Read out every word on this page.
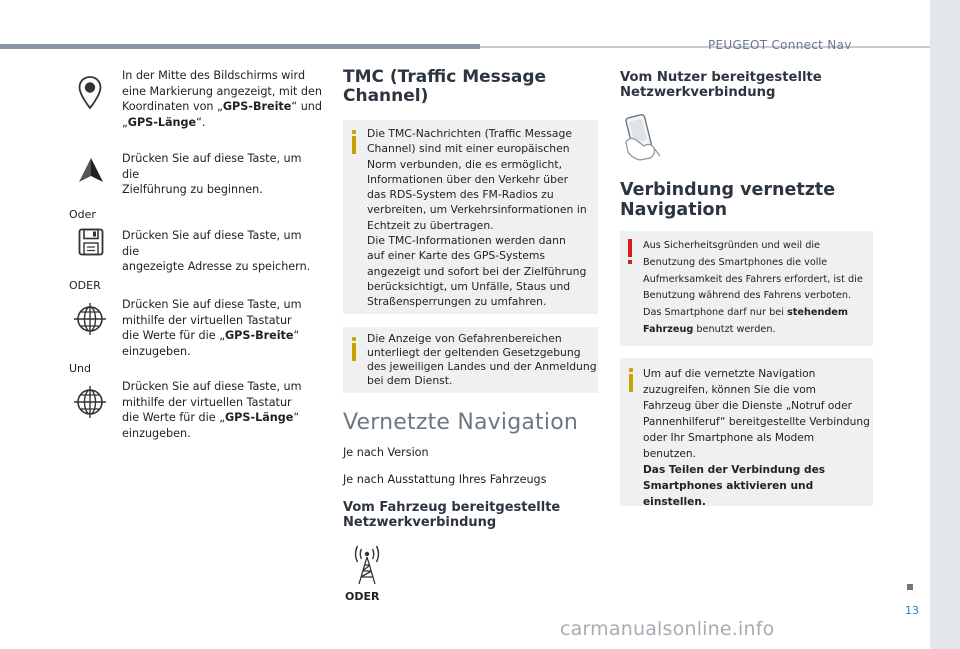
PEUGEOT Connect Nav
13
carmanualsonline.info
In der Mitte des Bildschirms wird
eine Markierung angezeigt, mit den
Koordinaten von „GPS-Breite“ und
„GPS-Länge“.
Drücken Sie auf diese Taste, um die
Zielführung zu beginnen.
Oder
Drücken Sie auf diese Taste, um die
angezeigte Adresse zu speichern.
ODER
Drücken Sie auf diese Taste, um
mithilfe der virtuellen Tastatur
die Werte für die „GPS-Breite“
einzugeben.
Und
Drücken Sie auf diese Taste, um
mithilfe der virtuellen Tastatur
die Werte für die „GPS-Länge“
einzugeben.
TMC (Traffic Message
Channel)
Die TMC-Nachrichten (Traffic Message
Channel) sind mit einer europäischen
Norm verbunden, die es ermöglicht,
Informationen über den Verkehr über
das RDS-System des FM-Radios zu
verbreiten, um Verkehrsinformationen in
Echtzeit zu übertragen.
Die TMC-Informationen werden dann
auf einer Karte des GPS-Systems
angezeigt und sofort bei der Zielführung
berücksichtigt, um Unfälle, Staus und
Straßensperrungen zu umfahren.
Die Anzeige von Gefahrenbereichen
unterliegt der geltenden Gesetzgebung
des jeweiligen Landes und der Anmeldung
bei dem Dienst.
Vernetzte Navigation
Je nach Version
Je nach Ausstattung Ihres Fahrzeugs
Vom Fahrzeug bereitgestellte
Netzwerkverbindung
ODER
Vom Nutzer bereitgestellte
Netzwerkverbindung
Verbindung vernetzte
Navigation
Aus Sicherheitsgründen und weil die
Benutzung des Smartphones die volle
Aufmerksamkeit des Fahrers erfordert, ist die
Benutzung während des Fahrens verboten.
Das Smartphone darf nur bei stehendem
Fahrzeug benutzt werden.
Um auf die vernetzte Navigation
zuzugreifen, können Sie die vom
Fahrzeug über die Dienste „Notruf oder
Pannenhilferuf“ bereitgestellte Verbindung
oder Ihr Smartphone als Modem
benutzen.
Das Teilen der Verbindung des
Smartphones aktivieren und einstellen.
